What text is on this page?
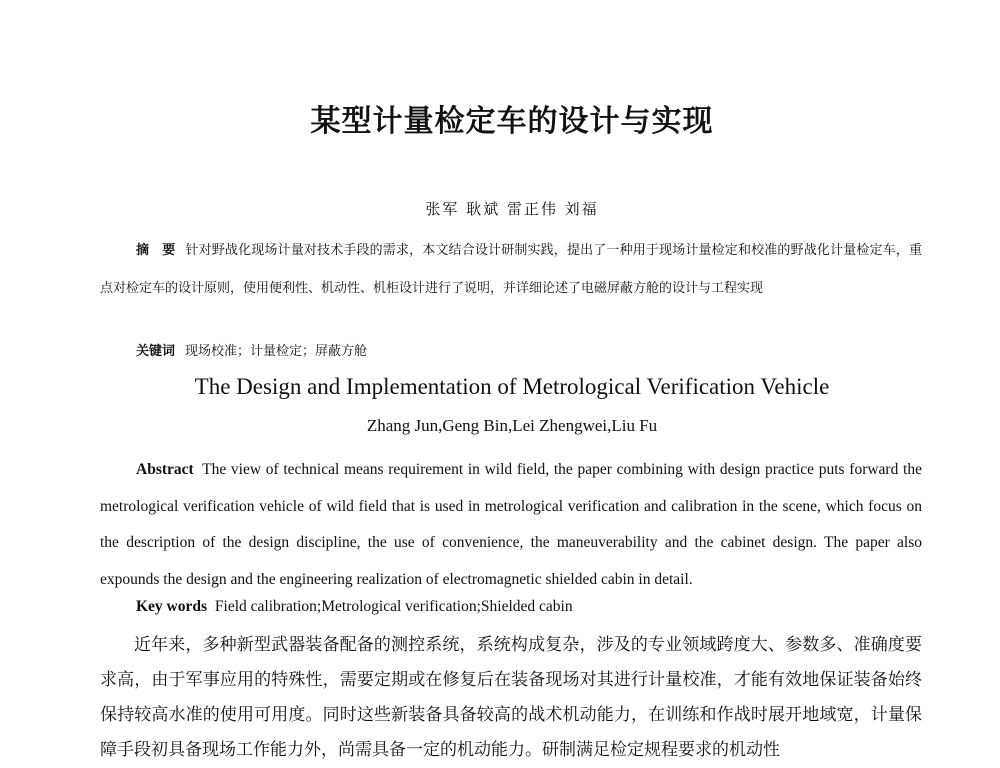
某型计量检定车的设计与实现
张军 耿斌 雷正伟 刘福
摘　要 针对野战化现场计量对技术手段的需求，本文结合设计研制实践，提出了一种用于现场计量检定和校准的野战化计量检定车，重点对检定车的设计原则，使用便利性、机动性、机柜设计进行了说明，并详细论述了电磁屏蔽方舱的设计与工程实现
关键词 现场校准；计量检定；屏蔽方舱
The Design and Implementation of Metrological Verification Vehicle
Zhang Jun,Geng Bin,Lei Zhengwei,Liu Fu
Abstract The view of technical means requirement in wild field, the paper combining with design practice puts forward the metrological verification vehicle of wild field that is used in metrological verification and calibration in the scene, which focus on the description of the design discipline, the use of convenience, the maneuverability and the cabinet design. The paper also expounds the design and the engineering realization of electromagnetic shielded cabin in detail.
Key words Field calibration;Metrological verification;Shielded cabin
近年来，多种新型武器装备配备的测控系统，系统构成复杂，涉及的专业领域跨度大、参数多、准确度要求高，由于军事应用的特殊性，需要定期或在修复后在装备现场对其进行计量校准，才能有效地保证装备始终保持较高水准的使用可用度。同时这些新装备具备较高的战术机动能力，在训练和作战时展开地域宽，计量保障手段初具备现场工作能力外，尚需具备一定的机动能力。研制满足检定规程要求的机动性
